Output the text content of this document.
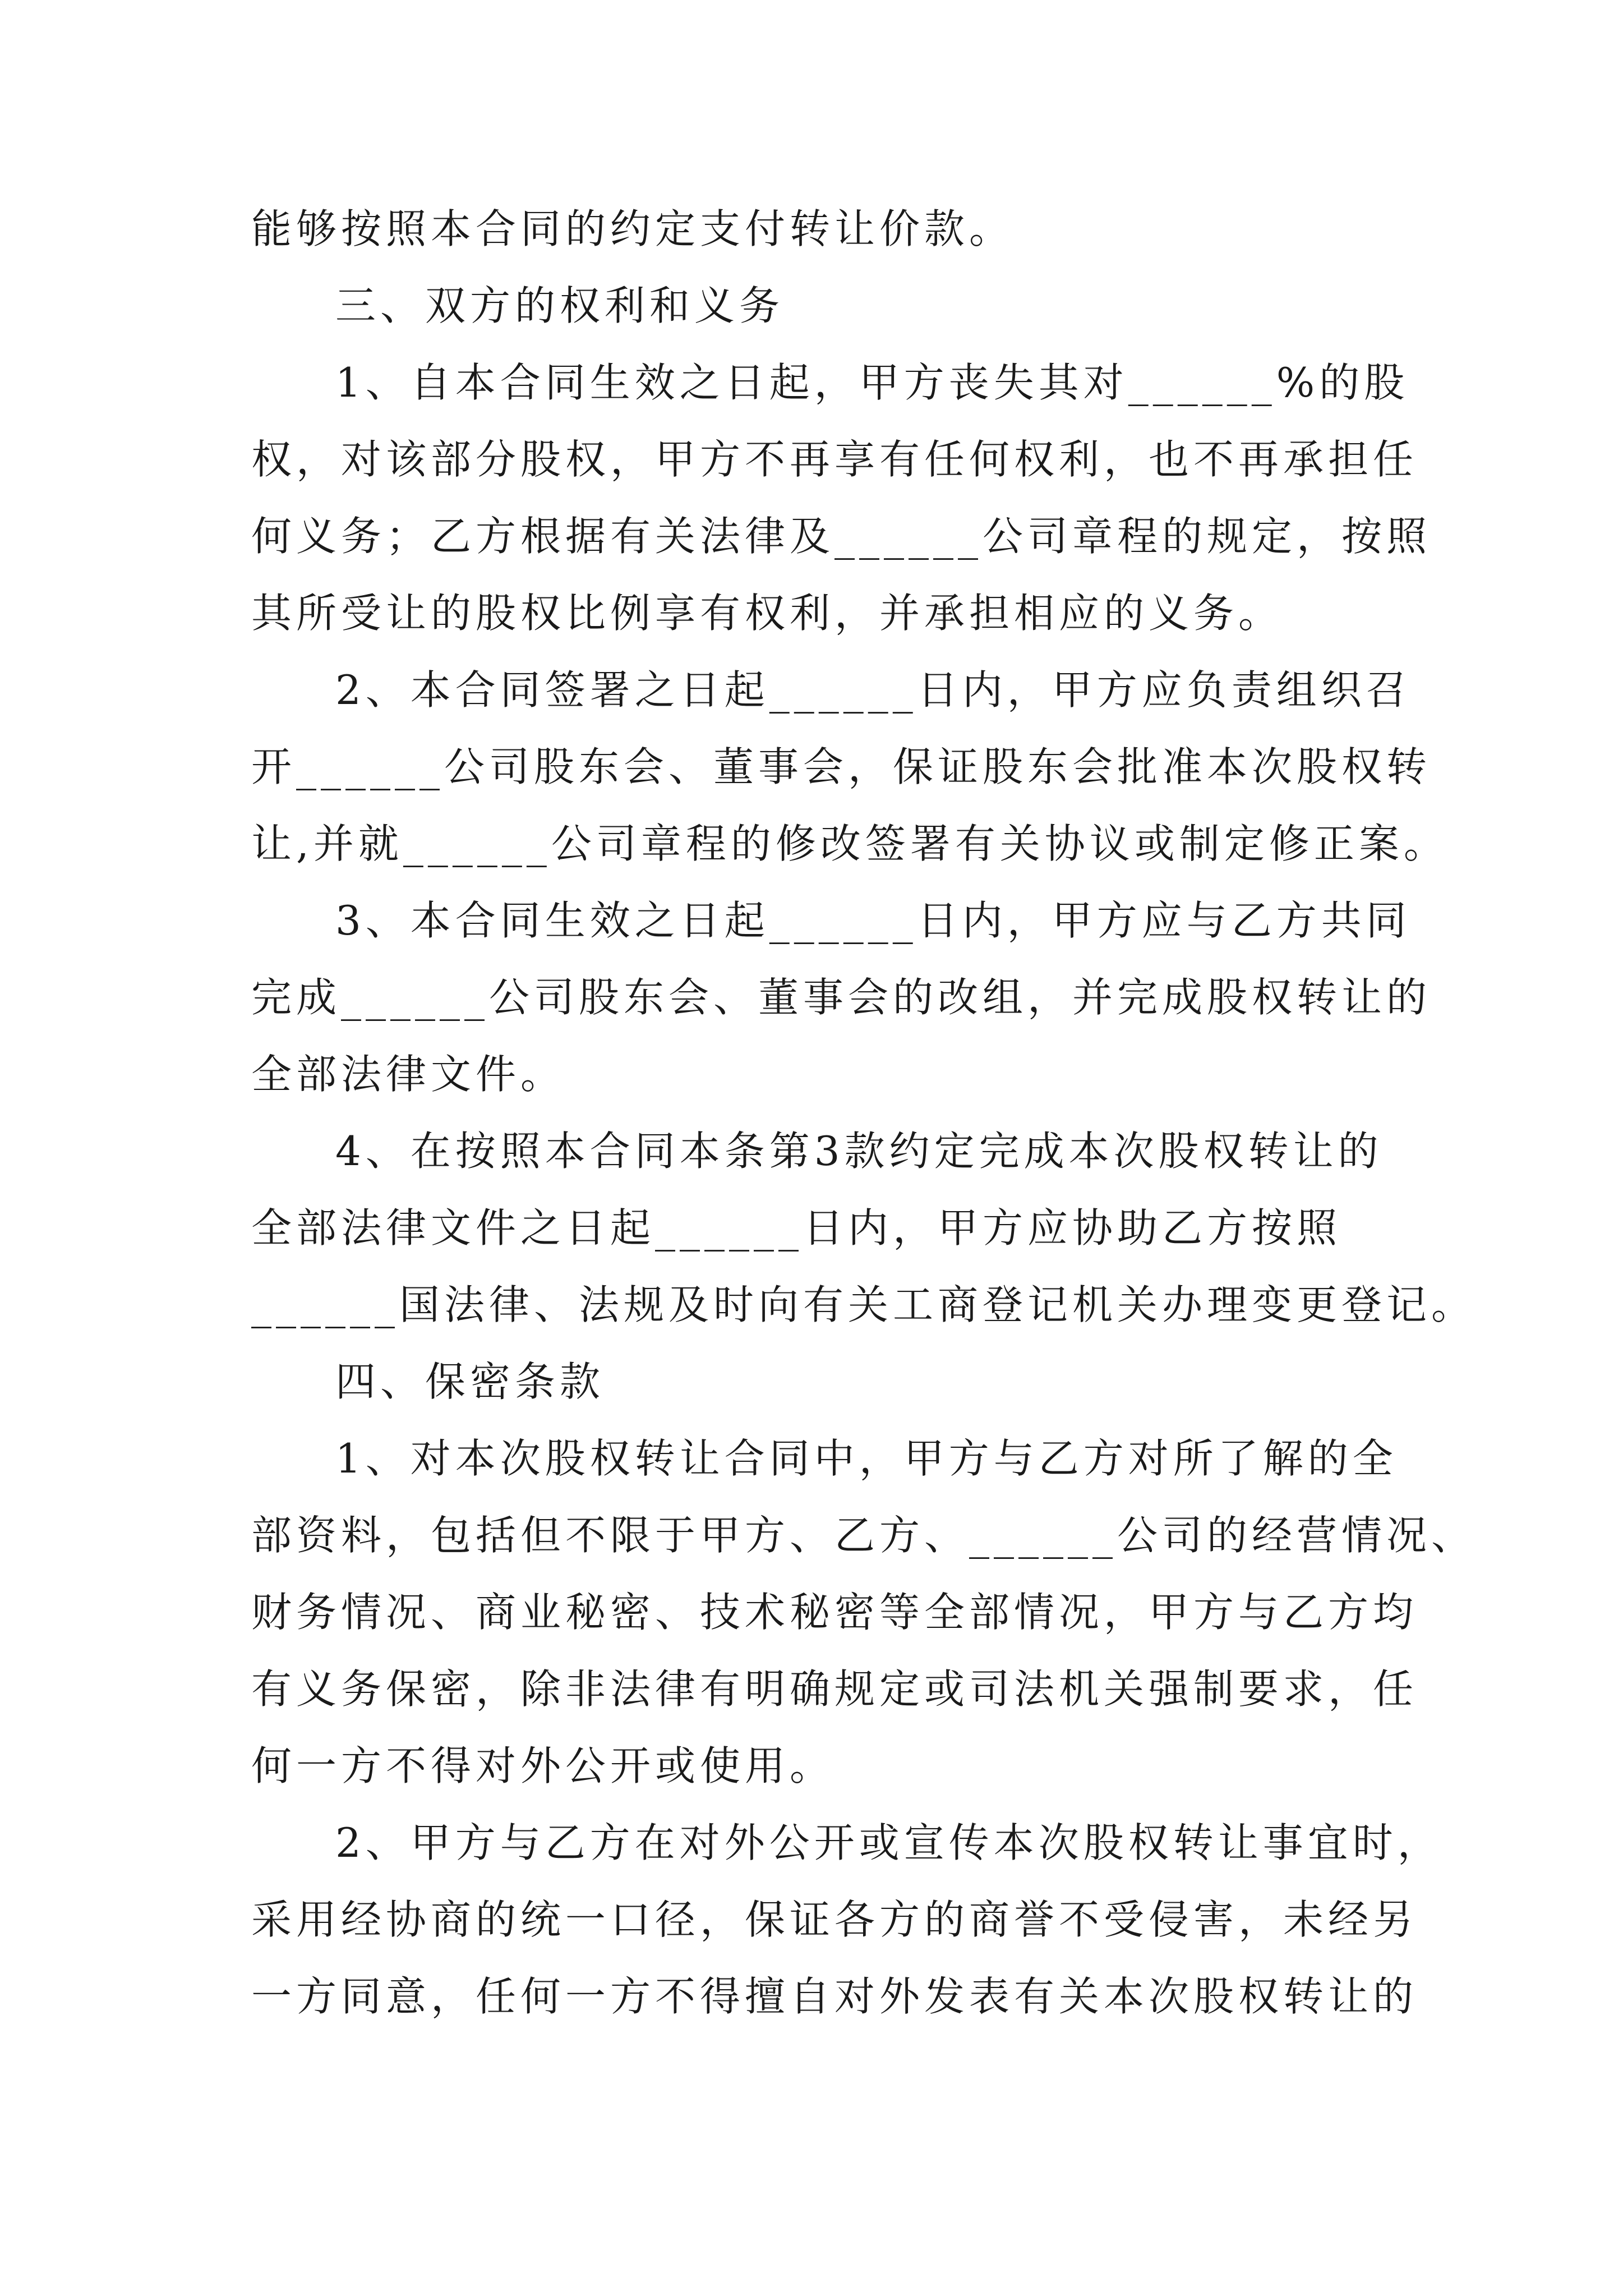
能够按照本合同的约定支付转让价款。
三、双方的权利和义务
1、自本合同生效之日起，甲方丧失其对______%的股
权，对该部分股权，甲方不再享有任何权利，也不再承担任
何义务；乙方根据有关法律及______公司章程的规定，按照
其所受让的股权比例享有权利，并承担相应的义务。
2、本合同签署之日起______日内，甲方应负责组织召
开______公司股东会、董事会，保证股东会批准本次股权转
让,并就______公司章程的修改签署有关协议或制定修正案。
3、本合同生效之日起______日内，甲方应与乙方共同
完成______公司股东会、董事会的改组，并完成股权转让的
全部法律文件。
4、在按照本合同本条第3款约定完成本次股权转让的
全部法律文件之日起______日内，甲方应协助乙方按照
______国法律、法规及时向有关工商登记机关办理变更登记。
四、保密条款
1、对本次股权转让合同中，甲方与乙方对所了解的全
部资料，包括但不限于甲方、乙方、______公司的经营情况、
财务情况、商业秘密、技术秘密等全部情况，甲方与乙方均
有义务保密，除非法律有明确规定或司法机关强制要求，任
何一方不得对外公开或使用。
2、甲方与乙方在对外公开或宣传本次股权转让事宜时，
采用经协商的统一口径，保证各方的商誉不受侵害，未经另
一方同意，任何一方不得擅自对外发表有关本次股权转让的
